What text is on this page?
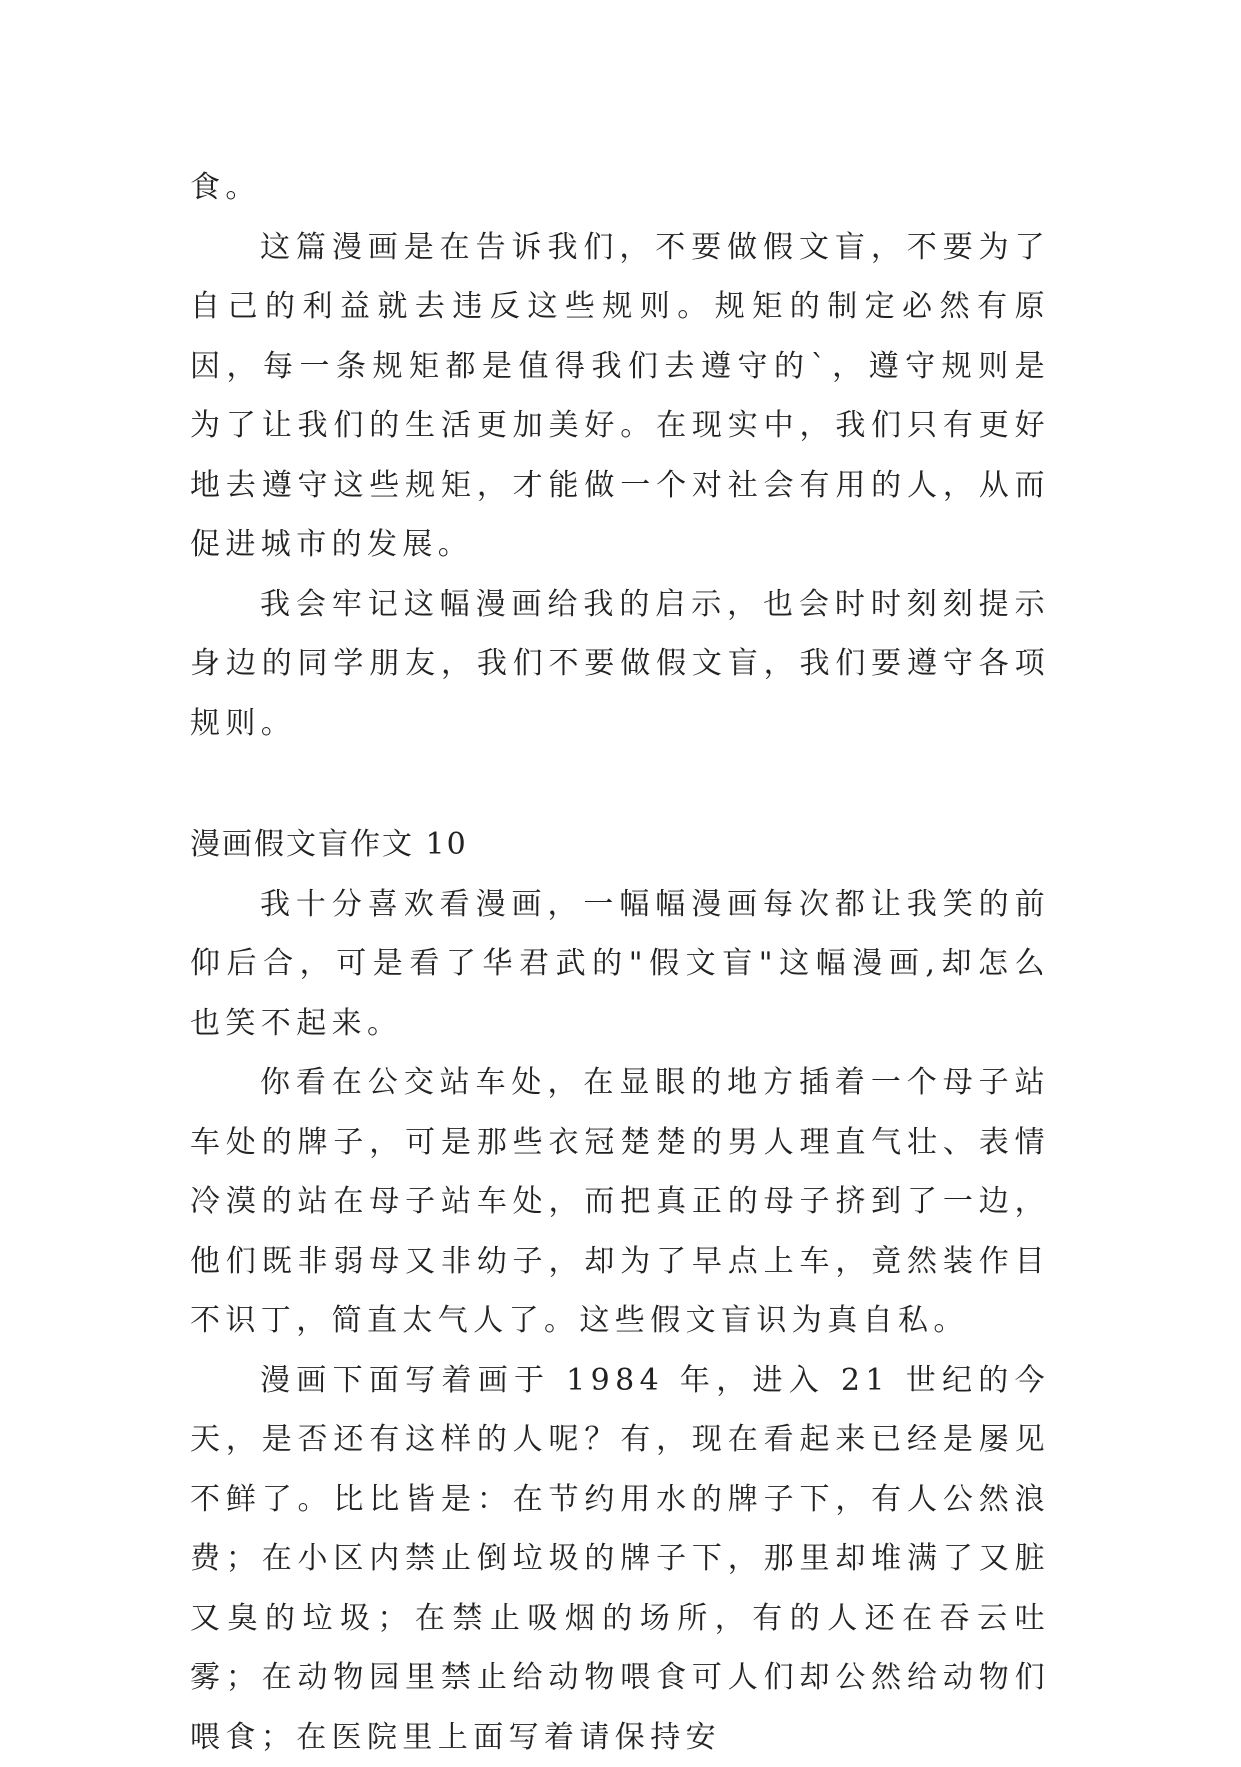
食。

这篇漫画是在告诉我们，不要做假文盲，不要为了自己的利益就去违反这些规则。规矩的制定必然有原因，每一条规矩都是值得我们去遵守的`，遵守规则是为了让我们的生活更加美好。在现实中，我们只有更好地去遵守这些规矩，才能做一个对社会有用的人，从而促进城市的发展。

我会牢记这幅漫画给我的启示，也会时时刻刻提示身边的同学朋友，我们不要做假文盲，我们要遵守各项规则。

漫画假文盲作文 10

我十分喜欢看漫画，一幅幅漫画每次都让我笑的前仰后合，可是看了华君武的"假文盲"这幅漫画,却怎么也笑不起来。

你看在公交站车处，在显眼的地方插着一个母子站车处的牌子，可是那些衣冠楚楚的男人理直气壮、表情冷漠的站在母子站车处，而把真正的母子挤到了一边，他们既非弱母又非幼子，却为了早点上车，竟然装作目不识丁，简直太气人了。这些假文盲识为真自私。

漫画下面写着画于 1984 年，进入 21 世纪的今天，是否还有这样的人呢？有，现在看起来已经是屡见不鲜了。比比皆是：在节约用水的牌子下，有人公然浪费；在小区内禁止倒垃圾的牌子下，那里却堆满了又脏又臭的垃圾；在禁止吸烟的场所，有的人还在吞云吐雾；在动物园里禁止给动物喂食可人们却公然给动物们喂食；在医院里上面写着请保持安
